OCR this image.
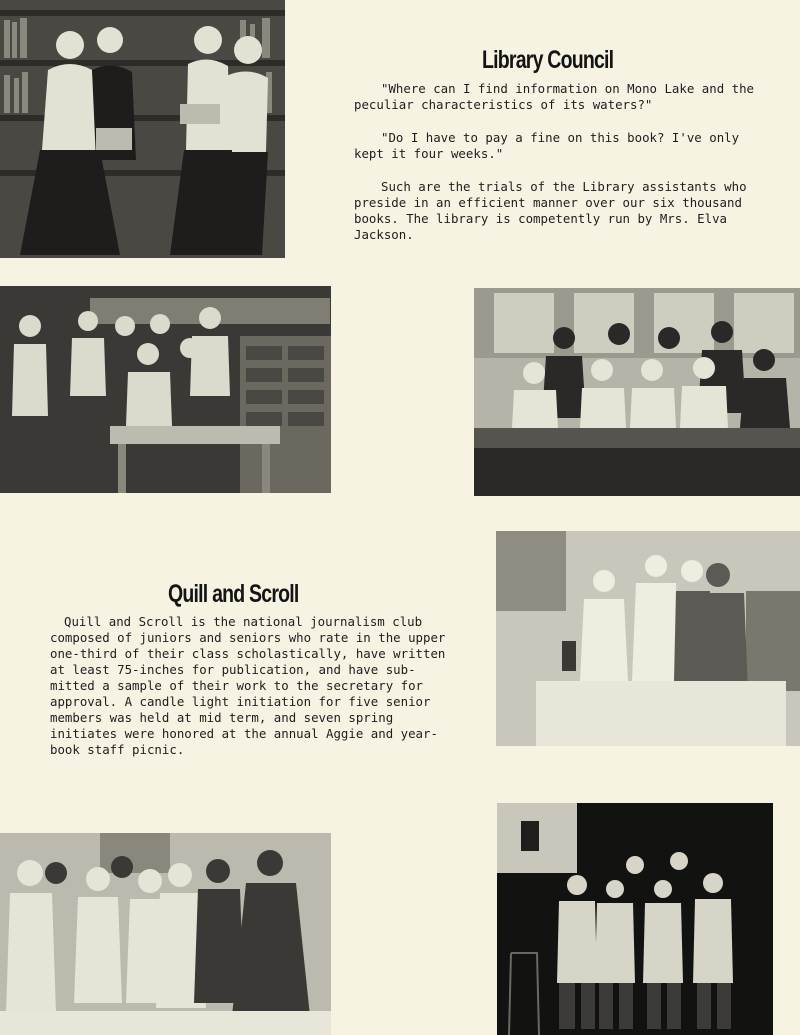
Library Council

"Where can I find information on Mono Lake and the
peculiar characteristics of its waters?"

"Do I have to pay a fine on this book? I've only
kept it four weeks."

Such are the trials of the Library assistants who
preside in an efficient manner over our six thousand
books. The library is competently run by Mrs. Elva
Jackson.

Quill and Scroll

Quill and Scroll is the national journalism club
composed of juniors and seniors who rate in the upper
one-third of their class scholastically, have written
at least 75-inches for publication, and have sub-
mitted a sample of their work to the secretary for
approval. A candle light initiation for five senior
members was held at mid term, and seven spring
initiates were honored at the annual Aggie and year-
book staff picnic.
